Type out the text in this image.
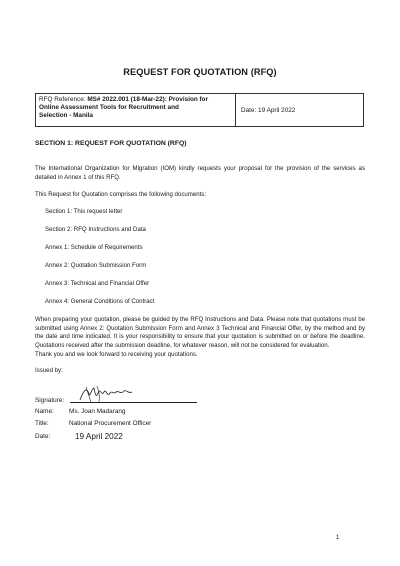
REQUEST FOR QUOTATION (RFQ)
RFQ Reference: MS# 2022.001 (18-Mar-22): Provision for
Online Assessment Tools for Recruitment and
Selection - Manila
Date: 19 April 2022
SECTION 1: REQUEST FOR QUOTATION (RFQ)

The International Organization for Migration (IOM) kindly requests your proposal for the provision of the services as detailed in Annex 1 of this RFQ.

This Request for Quotation comprises the following documents:

Section 1: This request letter
Section 2: RFQ Instructions and Data
Annex 1: Schedule of Requirements
Annex 2: Quotation Submission Form
Annex 3: Technical and Financial Offer
Annex 4: General Conditions of Contract

When preparing your quotation, please be guided by the RFQ Instructions and Data. Please note that quotations must be submitted using Annex 2: Quotation Submission Form and Annex 3 Technical and Financial Offer, by the method and by the date and time indicated. It is your responsibility to ensure that your quotation is submitted on or before the deadline. Quotations received after the submission deadline, for whatever reason, will not be considered for evaluation.

Thank you and we look forward to receiving your quotations.

Issued by:

Signature:
Name:	Ms. Joan Madarang
Title:	National Procurement Officer
Date:	19 April 2022
1
